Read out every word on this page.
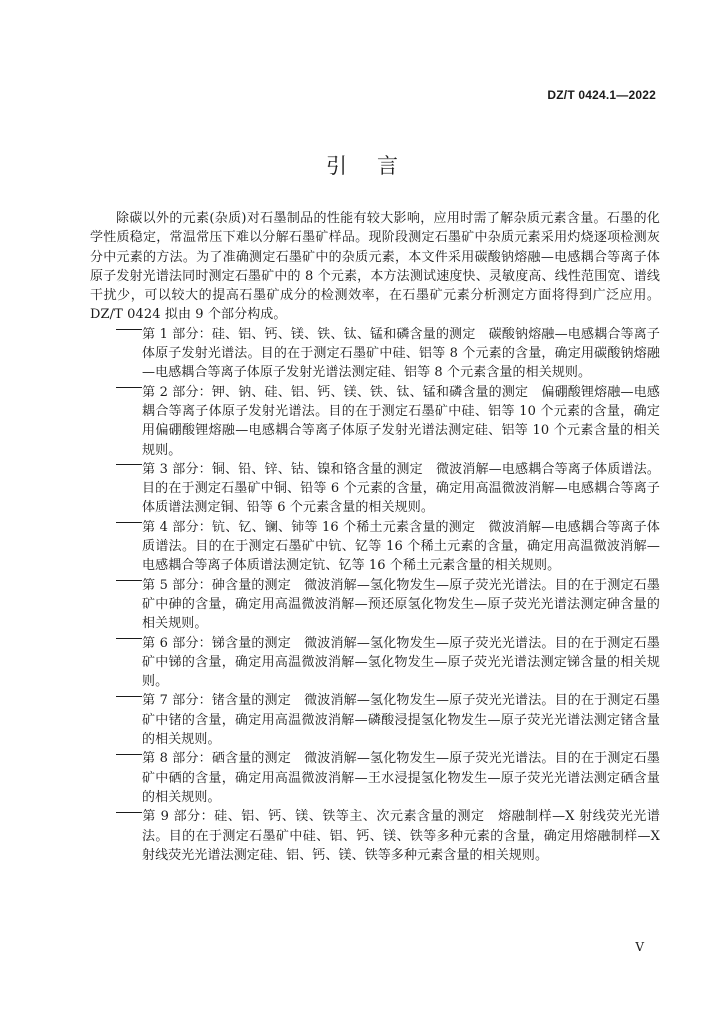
DZ/T 0424.1—2022
引言

除碳以外的元素(杂质)对石墨制品的性能有较大影响，应用时需了解杂质元素含量。石墨的化学性质稳定，常温常压下难以分解石墨矿样品。现阶段测定石墨矿中杂质元素采用灼烧逐项检测灰分中元素的方法。为了准确测定石墨矿中的杂质元素，本文件采用碳酸钠熔融—电感耦合等离子体原子发射光谱法同时测定石墨矿中的 8 个元素，本方法测试速度快、灵敏度高、线性范围宽、谱线干扰少，可以较大的提高石墨矿成分的检测效率，在石墨矿元素分析测定方面将得到广泛应用。DZ/T 0424 拟由 9 个部分构成。

第 1 部分：硅、铝、钙、镁、铁、钛、锰和磷含量的测定　碳酸钠熔融—电感耦合等离子体原子发射光谱法。目的在于测定石墨矿中硅、铝等 8 个元素的含量，确定用碳酸钠熔融—电感耦合等离子体原子发射光谱法测定硅、铝等 8 个元素含量的相关规则。
第 2 部分：钾、钠、硅、铝、钙、镁、铁、钛、锰和磷含量的测定　偏硼酸锂熔融—电感耦合等离子体原子发射光谱法。目的在于测定石墨矿中硅、铝等 10 个元素的含量，确定用偏硼酸锂熔融—电感耦合等离子体原子发射光谱法测定硅、铝等 10 个元素含量的相关规则。
第 3 部分：铜、铅、锌、钴、镍和铬含量的测定　微波消解—电感耦合等离子体质谱法。目的在于测定石墨矿中铜、铅等 6 个元素的含量，确定用高温微波消解—电感耦合等离子体质谱法测定铜、铅等 6 个元素含量的相关规则。
第 4 部分：钪、钇、镧、铈等 16 个稀土元素含量的测定　微波消解—电感耦合等离子体质谱法。目的在于测定石墨矿中钪、钇等 16 个稀土元素的含量，确定用高温微波消解—电感耦合等离子体质谱法测定钪、钇等 16 个稀土元素含量的相关规则。
第 5 部分：砷含量的测定　微波消解—氢化物发生—原子荧光光谱法。目的在于测定石墨矿中砷的含量，确定用高温微波消解—预还原氢化物发生—原子荧光光谱法测定砷含量的相关规则。
第 6 部分：锑含量的测定　微波消解—氢化物发生—原子荧光光谱法。目的在于测定石墨矿中锑的含量，确定用高温微波消解—氢化物发生—原子荧光光谱法测定锑含量的相关规则。
第 7 部分：锗含量的测定　微波消解—氢化物发生—原子荧光光谱法。目的在于测定石墨矿中锗的含量，确定用高温微波消解—磷酸浸提氢化物发生—原子荧光光谱法测定锗含量的相关规则。
第 8 部分：硒含量的测定　微波消解—氢化物发生—原子荧光光谱法。目的在于测定石墨矿中硒的含量，确定用高温微波消解—王水浸提氢化物发生—原子荧光光谱法测定硒含量的相关规则。
第 9 部分：硅、铝、钙、镁、铁等主、次元素含量的测定　熔融制样—X 射线荧光光谱法。目的在于测定石墨矿中硅、铝、钙、镁、铁等多种元素的含量，确定用熔融制样—X 射线荧光光谱法测定硅、铝、钙、镁、铁等多种元素含量的相关规则。
V
